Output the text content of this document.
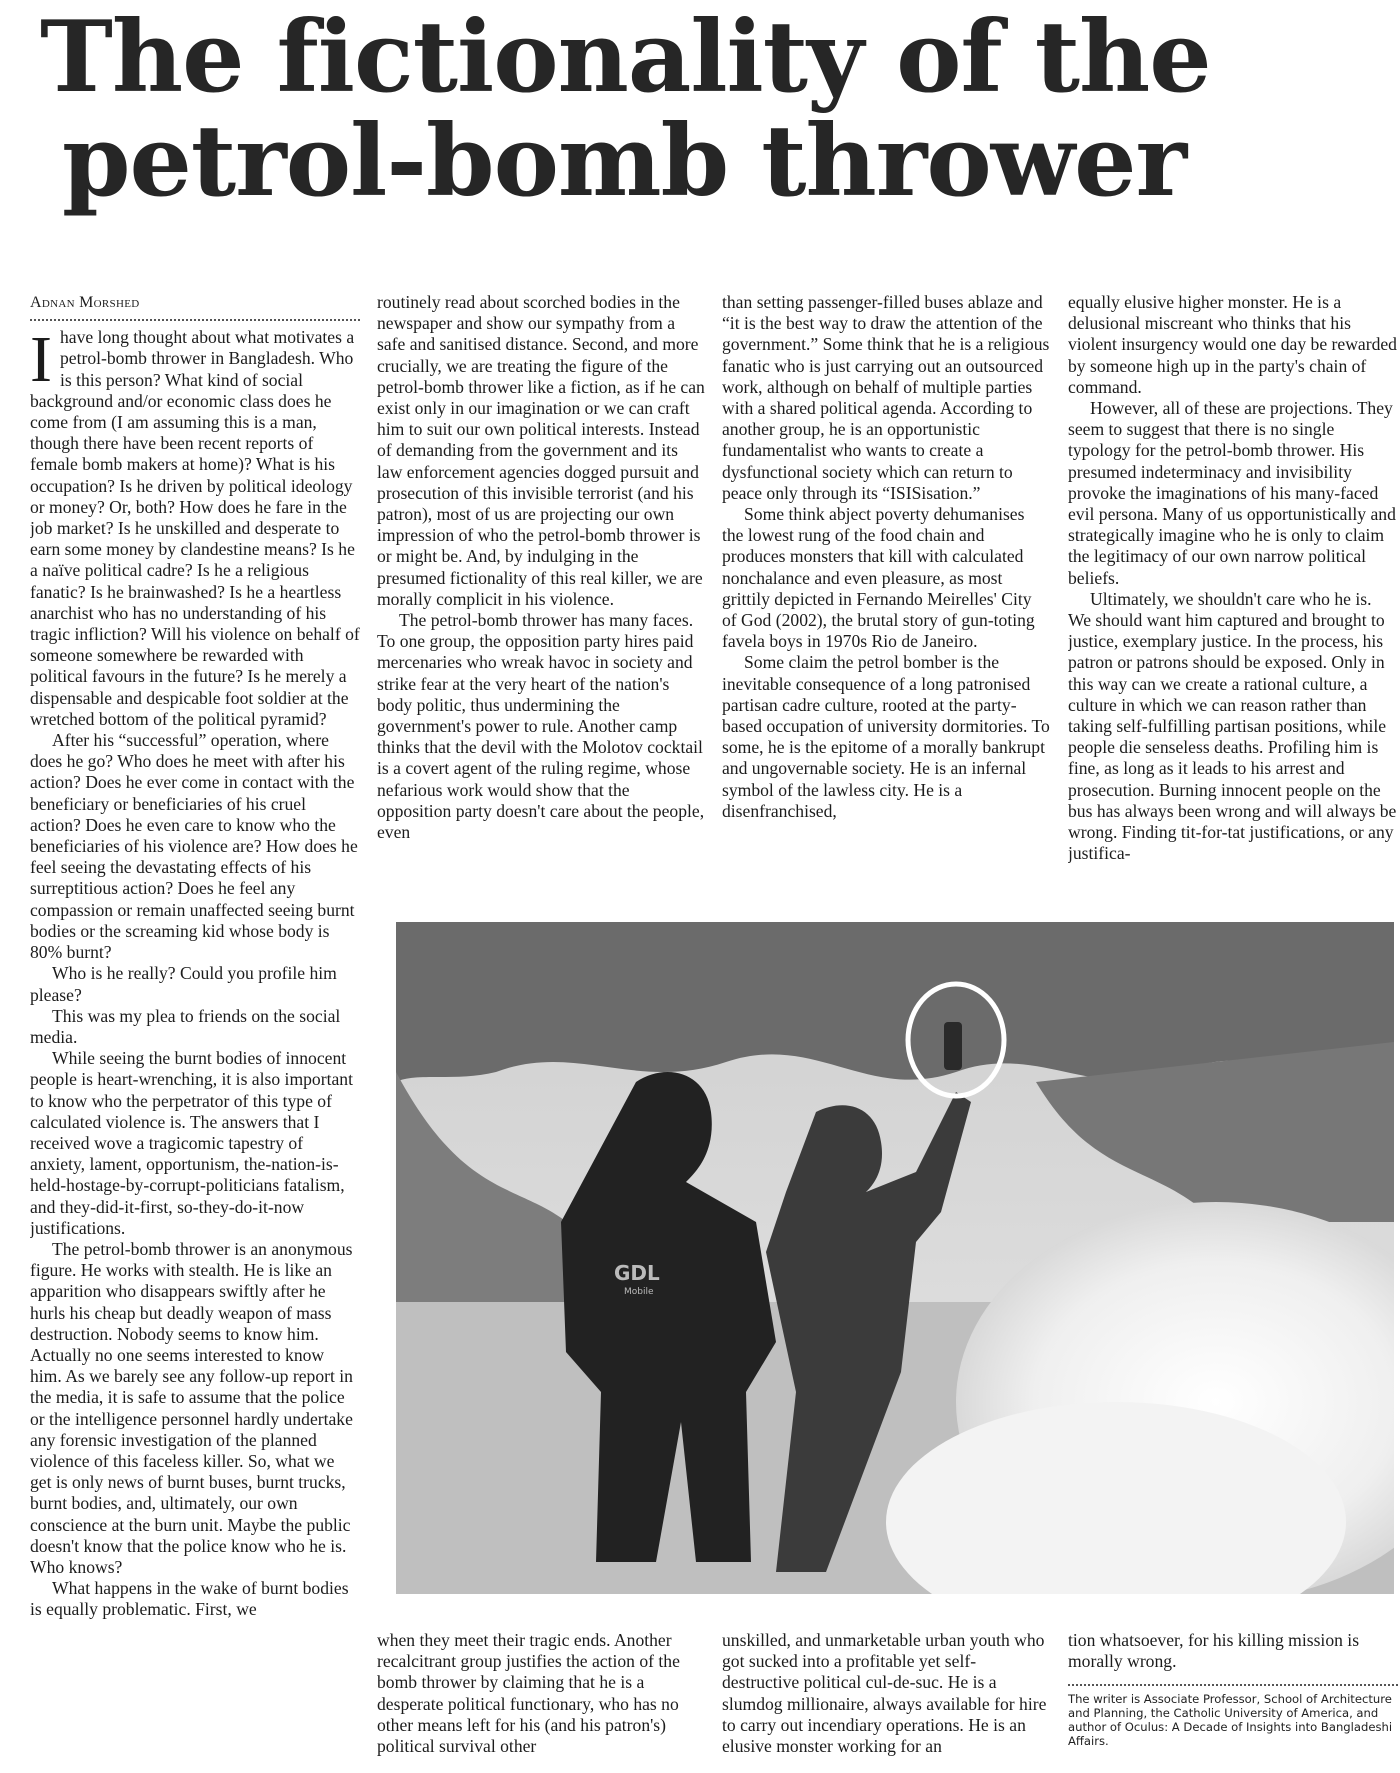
The fictionality of the
petrol-bomb thrower
Adnan Morshed

Ihave long thought about what motivates a petrol-bomb thrower in Bangladesh. Who is this person? What kind of social background and/or economic class does he come from (I am assuming this is a man, though there have been recent reports of female bomb makers at home)? What is his occupation? Is he driven by political ideology or money? Or, both? How does he fare in the job market? Is he unskilled and desperate to earn some money by clandestine means? Is he a naïve political cadre? Is he a religious fanatic? Is he brainwashed? Is he a heartless anarchist who has no understanding of his tragic infliction? Will his violence on behalf of someone somewhere be rewarded with political favours in the future? Is he merely a dispensable and despicable foot soldier at the wretched bottom of the political pyramid?

After his “successful” operation, where does he go? Who does he meet with after his action? Does he ever come in contact with the beneficiary or beneficiaries of his cruel action? Does he even care to know who the beneficiaries of his violence are? How does he feel seeing the devastating effects of his surreptitious action? Does he feel any compassion or remain unaffected seeing burnt bodies or the screaming kid whose body is 80% burnt?

Who is he really? Could you profile him please?

This was my plea to friends on the social media.

While seeing the burnt bodies of innocent people is heart-wrenching, it is also important to know who the perpetrator of this type of calculated violence is. The answers that I received wove a tragicomic tapestry of anxiety, lament, opportunism, the-nation-is-held-hostage-by-corrupt-politicians fatalism, and they-did-it-first, so-they-do-it-now justifications.

The petrol-bomb thrower is an anonymous figure. He works with stealth. He is like an apparition who disappears swiftly after he hurls his cheap but deadly weapon of mass destruction. Nobody seems to know him. Actually no one seems interested to know him. As we barely see any follow-up report in the media, it is safe to assume that the police or the intelligence personnel hardly undertake any forensic investigation of the planned violence of this faceless killer. So, what we get is only news of burnt buses, burnt trucks, burnt bodies, and, ultimately, our own conscience at the burn unit. Maybe the public doesn't know that the police know who he is. Who knows?

What happens in the wake of burnt bodies is equally problematic. First, we

routinely read about scorched bodies in the newspaper and show our sympathy from a safe and sanitised distance. Second, and more crucially, we are treating the figure of the petrol-bomb thrower like a fiction, as if he can exist only in our imagination or we can craft him to suit our own political interests. Instead of demanding from the government and its law enforcement agencies dogged pursuit and prosecution of this invisible terrorist (and his patron), most of us are projecting our own impression of who the petrol-bomb thrower is or might be. And, by indulging in the presumed fictionality of this real killer, we are morally complicit in his violence.

The petrol-bomb thrower has many faces. To one group, the opposition party hires paid mercenaries who wreak havoc in society and strike fear at the very heart of the nation's body politic, thus undermining the government's power to rule. Another camp thinks that the devil with the Molotov cocktail is a covert agent of the ruling regime, whose nefarious work would show that the opposition party doesn't care about the people, even

than setting passenger-filled buses ablaze and “it is the best way to draw the attention of the government.” Some think that he is a religious fanatic who is just carrying out an outsourced work, although on behalf of multiple parties with a shared political agenda. According to another group, he is an opportunistic fundamentalist who wants to create a dysfunctional society which can return to peace only through its “ISISisation.”

Some think abject poverty dehumanises the lowest rung of the food chain and produces monsters that kill with calculated nonchalance and even pleasure, as most grittily depicted in Fernando Meirelles' City of God (2002), the brutal story of gun-toting favela boys in 1970s Rio de Janeiro.

Some claim the petrol bomber is the inevitable consequence of a long patronised partisan cadre culture, rooted at the party-based occupation of university dormitories. To some, he is the epitome of a morally bankrupt and ungovernable society. He is an infernal symbol of the lawless city. He is a disenfranchised,

equally elusive higher monster. He is a delusional miscreant who thinks that his violent insurgency would one day be rewarded by someone high up in the party's chain of command.

However, all of these are projections. They seem to suggest that there is no single typology for the petrol-bomb thrower. His presumed indeterminacy and invisibility provoke the imaginations of his many-faced evil persona. Many of us opportunistically and strategically imagine who he is only to claim the legitimacy of our own narrow political beliefs.

Ultimately, we shouldn't care who he is. We should want him captured and brought to justice, exemplary justice. In the process, his patron or patrons should be exposed. Only in this way can we create a rational culture, a culture in which we can reason rather than taking self-fulfilling partisan positions, while people die senseless deaths. Profiling him is fine, as long as it leads to his arrest and prosecution. Burning innocent people on the bus has always been wrong and will always be wrong. Finding tit-for-tat justifications, or any justifica-

GDL
Mobile

when they meet their tragic ends. Another recalcitrant group justifies the action of the bomb thrower by claiming that he is a desperate political functionary, who has no other means left for his (and his patron's) political survival other

unskilled, and unmarketable urban youth who got sucked into a profitable yet self-destructive political cul-de-suc. He is a slumdog millionaire, always available for hire to carry out incendiary operations. He is an elusive monster working for an

tion whatsoever, for his killing mission is morally wrong.

The writer is Associate Professor, School of Architecture and Planning, the Catholic University of America, and author of Oculus: A Decade of Insights into Bangladeshi Affairs.
